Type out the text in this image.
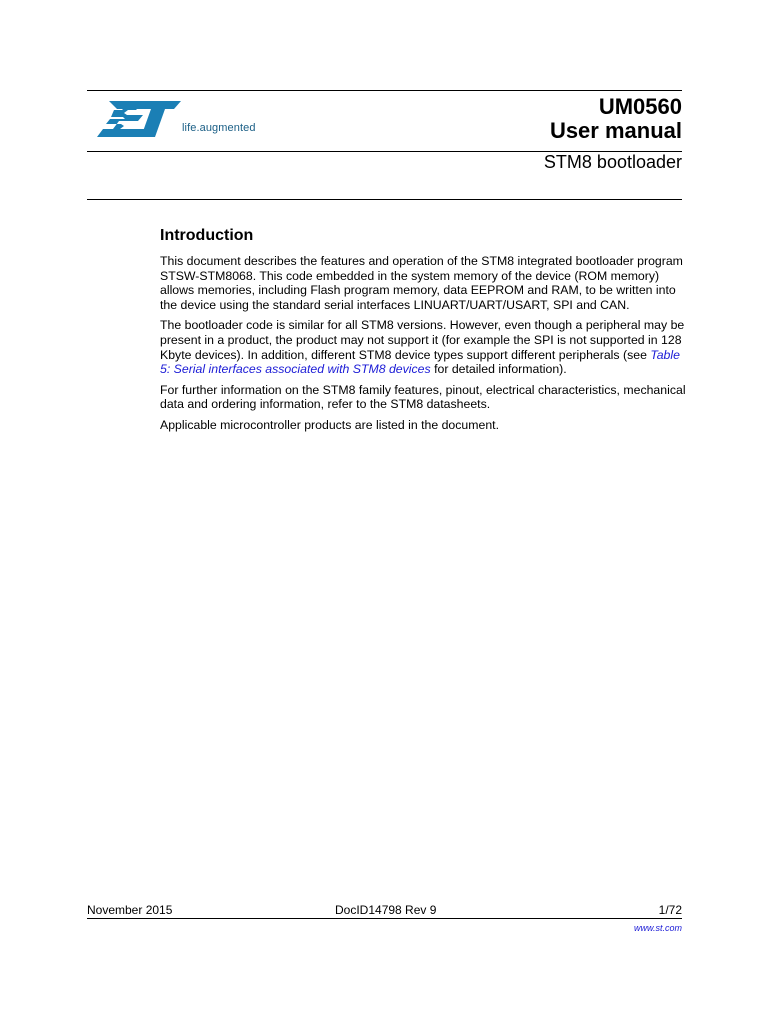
life.augmented
UM0560
User manual
STM8 bootloader
Introduction

This document describes the features and operation of the STM8 integrated bootloader program STSW-STM8068. This code embedded in the system memory of the device (ROM memory) allows memories, including Flash program memory, data EEPROM and RAM, to be written into the device using the standard serial interfaces LINUART/UART/USART, SPI and CAN.

The bootloader code is similar for all STM8 versions. However, even though a peripheral may be present in a product, the product may not support it (for example the SPI is not supported in 128 Kbyte devices). In addition, different STM8 device types support different peripherals (see Table 5: Serial interfaces associated with STM8 devices for detailed information).

For further information on the STM8 family features, pinout, electrical characteristics, mechanical data and ordering information, refer to the STM8 datasheets.

Applicable microcontroller products are listed in the document.

November 2015	DocID14798 Rev 9	1/72
www.st.com
